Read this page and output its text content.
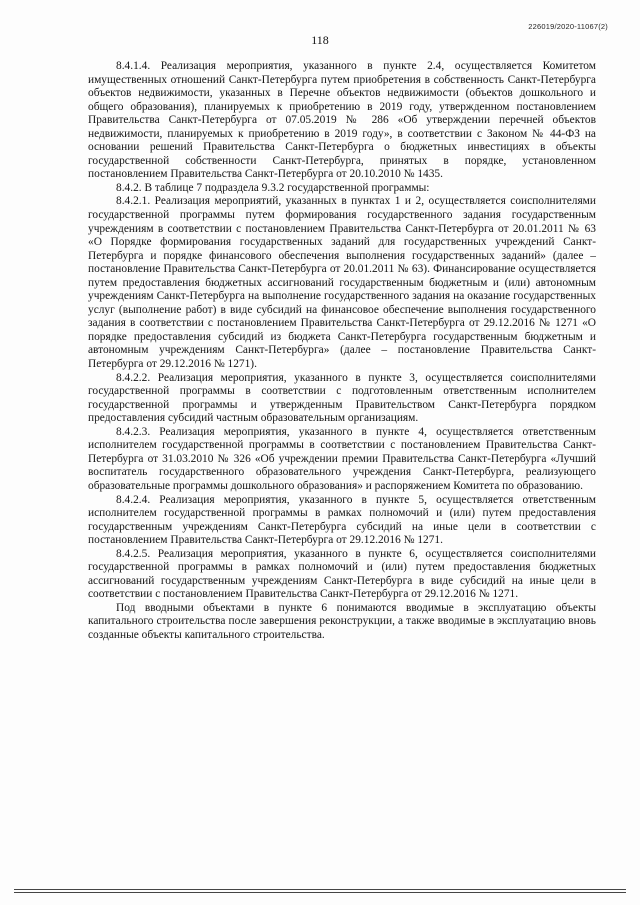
226019/2020-11067(2)
118

8.4.1.4. Реализация мероприятия, указанного в пункте 2.4, осуществляется Комитетом имущественных отношений Санкт-Петербурга путем приобретения в собственность Санкт-Петербурга объектов недвижимости, указанных в Перечне объектов недвижимости (объектов дошкольного и общего образования), планируемых к приобретению в 2019 году, утвержденном постановлением Правительства Санкт-Петербурга от 07.05.2019 № 286 «Об утверждении перечней объектов недвижимости, планируемых к приобретению в 2019 году», в соответствии с Законом № 44-ФЗ на основании решений Правительства Санкт-Петербурга о бюджетных инвестициях в объекты государственной собственности Санкт-Петербурга, принятых в порядке, установленном постановлением Правительства Санкт-Петербурга от 20.10.2010 № 1435.

8.4.2. В таблице 7 подраздела 9.3.2 государственной программы:

8.4.2.1. Реализация мероприятий, указанных в пунктах 1 и 2, осуществляется соисполнителями государственной программы путем формирования государственного задания государственным учреждениям в соответствии с постановлением Правительства Санкт-Петербурга от 20.01.2011 № 63 «О Порядке формирования государственных заданий для государственных учреждений Санкт-Петербурга и порядке финансового обеспечения выполнения государственных заданий» (далее – постановление Правительства Санкт-Петербурга от 20.01.2011 № 63). Финансирование осуществляется путем предоставления бюджетных ассигнований государственным бюджетным и (или) автономным учреждениям Санкт-Петербурга на выполнение государственного задания на оказание государственных услуг (выполнение работ) в виде субсидий на финансовое обеспечение выполнения государственного задания в соответствии с постановлением Правительства Санкт-Петербурга от 29.12.2016 № 1271 «О порядке предоставления субсидий из бюджета Санкт-Петербурга государственным бюджетным и автономным учреждениям Санкт-Петербурга» (далее – постановление Правительства Санкт-Петербурга от 29.12.2016 № 1271).

8.4.2.2. Реализация мероприятия, указанного в пункте 3, осуществляется соисполнителями государственной программы в соответствии с подготовленным ответственным исполнителем государственной программы и утвержденным Правительством Санкт-Петербурга порядком предоставления субсидий частным образовательным организациям.

8.4.2.3. Реализация мероприятия, указанного в пункте 4, осуществляется ответственным исполнителем государственной программы в соответствии с постановлением Правительства Санкт-Петербурга от 31.03.2010 № 326 «Об учреждении премии Правительства Санкт-Петербурга «Лучший воспитатель государственного образовательного учреждения Санкт-Петербурга, реализующего образовательные программы дошкольного образования» и распоряжением Комитета по образованию.

8.4.2.4. Реализация мероприятия, указанного в пункте 5, осуществляется ответственным исполнителем государственной программы в рамках полномочий и (или) путем предоставления государственным учреждениям Санкт-Петербурга субсидий на иные цели в соответствии с постановлением Правительства Санкт-Петербурга от 29.12.2016 № 1271.

8.4.2.5. Реализация мероприятия, указанного в пункте 6, осуществляется соисполнителями государственной программы в рамках полномочий и (или) путем предоставления бюджетных ассигнований государственным учреждениям Санкт-Петербурга в виде субсидий на иные цели в соответствии с постановлением Правительства Санкт-Петербурга от 29.12.2016 № 1271.

Под вводными объектами в пункте 6 понимаются вводимые в эксплуатацию объекты капитального строительства после завершения реконструкции, а также вводимые в эксплуатацию вновь созданные объекты капитального строительства.
